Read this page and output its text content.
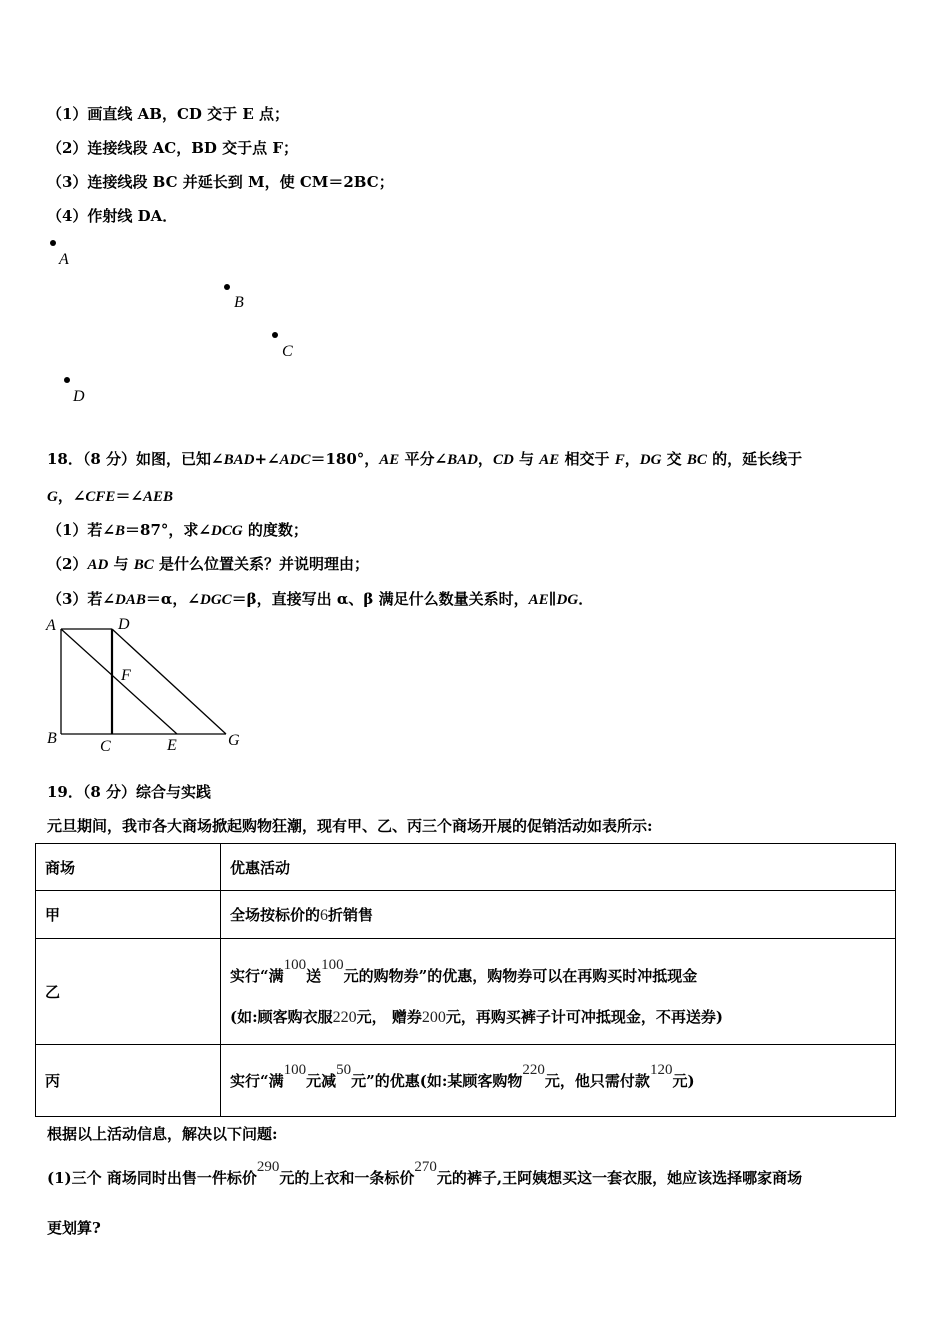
（1）画直线 AB，CD 交于 E 点；
（2）连接线段 AC，BD 交于点 F；
（3）连接线段 BC 并延长到 M，使 CM＝2BC；
（4）作射线 DA．
A
B
C
D
18．（8 分）如图，已知∠BAD+∠ADC＝180°，AE 平分∠BAD，CD 与 AE 相交于 F，DG 交 BC 的，延长线于
G，∠CFE＝∠AEB
（1）若∠B＝87°，求∠DCG 的度数；
（2）AD 与 BC 是什么位置关系？并说明理由；
（3）若∠DAB＝α，∠DGC＝β，直接写出 α、β 满足什么数量关系时，AE∥DG．
A	D
F
B	C	E	G
19．（8 分）综合与实践
元旦期间，我市各大商场掀起购物狂潮，现有甲、乙、丙三个商场开展的促销活动如表所示:
商场	优惠活动
甲	全场按标价的6折销售
乙	实行“满100送100元的购物券”的优惠，购物券可以在再购买时冲抵现金
(如:顾客购衣服220元， 赠券200元，再购买裤子计可冲抵现金，不再送券)

丙	实行“满100元减50元”的优惠(如:某顾客购物220元，他只需付款120元)
根据以上活动信息，解决以下问题:
(1)三个 商场同时出售一件标价290元的上衣和一条标价270元的裤子,王阿姨想买这一套衣服，她应该选择哪家商场
更划算?
